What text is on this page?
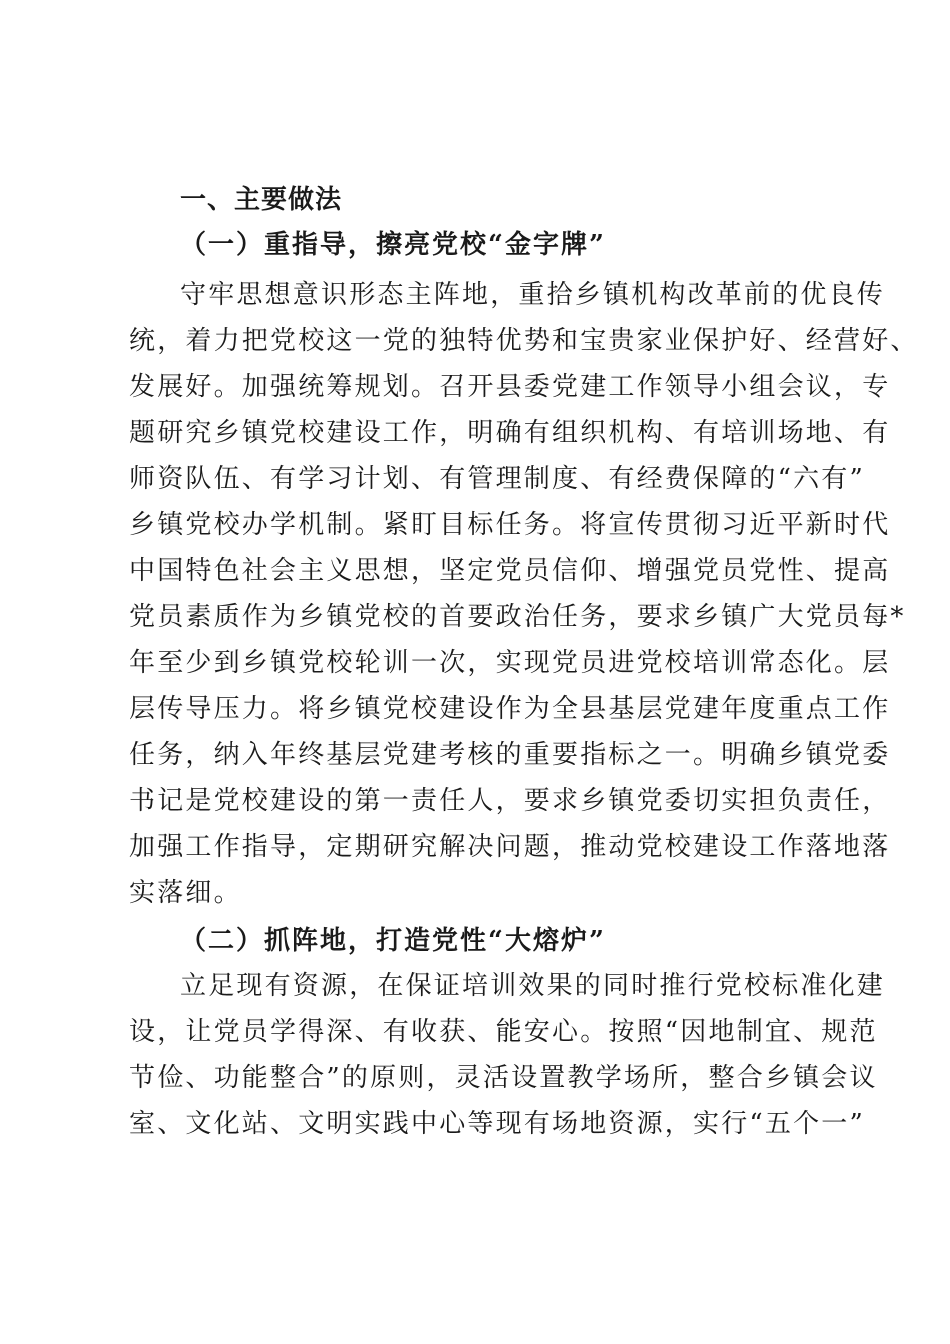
一、主要做法
（一）重指导，擦亮党校“金字牌”
守牢思想意识形态主阵地，重拾乡镇机构改革前的优良传
统，着力把党校这一党的独特优势和宝贵家业保护好、经营好、
发展好。加强统筹规划。召开县委党建工作领导小组会议，专
题研究乡镇党校建设工作，明确有组织机构、有培训场地、有
师资队伍、有学习计划、有管理制度、有经费保障的“六有”
乡镇党校办学机制。紧盯目标任务。将宣传贯彻习近平新时代
中国特色社会主义思想，坚定党员信仰、增强党员党性、提高
党员素质作为乡镇党校的首要政治任务，要求乡镇广大党员每*
年至少到乡镇党校轮训一次，实现党员进党校培训常态化。层
层传导压力。将乡镇党校建设作为全县基层党建年度重点工作
任务，纳入年终基层党建考核的重要指标之一。明确乡镇党委
书记是党校建设的第一责任人，要求乡镇党委切实担负责任，
加强工作指导，定期研究解决问题，推动党校建设工作落地落
实落细。
（二）抓阵地，打造党性“大熔炉”
立足现有资源，在保证培训效果的同时推行党校标准化建
设，让党员学得深、有收获、能安心。按照“因地制宜、规范
节俭、功能整合”的原则，灵活设置教学场所，整合乡镇会议
室、文化站、文明实践中心等现有场地资源，实行“五个一”
